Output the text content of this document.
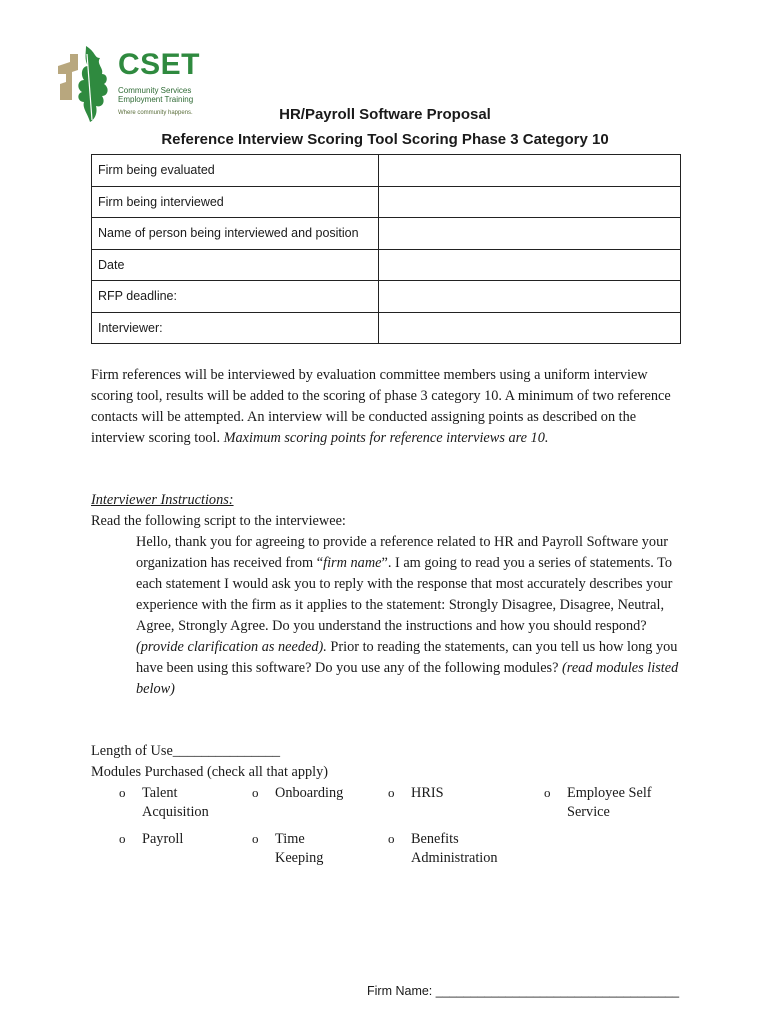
CSET
Community Services
Employment Training
Where community happens.	HR/Payroll Software Proposal
Reference Interview Scoring Tool Scoring Phase 3 Category 10
Firm being evaluated	
Firm being interviewed	
Name of person being interviewed and position	
Date	
RFP deadline:	
Interviewer:	
Firm references will be interviewed by evaluation committee members using a uniform interview scoring tool, results will be added to the scoring of phase 3 category 10. A minimum of two reference contacts will be attempted. An interview will be conducted assigning points as described on the interview scoring tool. Maximum scoring points for reference interviews are 10.
Interviewer Instructions:
Read the following script to the interviewee:
Hello, thank you for agreeing to provide a reference related to HR and Payroll Software your organization has received from “firm name”. I am going to read you a series of statements. To each statement I would ask you to reply with the response that most accurately describes your experience with the firm as it applies to the statement: Strongly Disagree, Disagree, Neutral, Agree, Strongly Agree. Do you understand the instructions and how you should respond? (provide clarification as needed). Prior to reading the statements, can you tell us how long you have been using this software? Do you use any of the following modules? (read modules listed below)
Length of Use_______________
Modules Purchased (check all that apply)
o Talent Acquisition
o Onboarding	o HRIS	o Employee Self Service
o Payroll	o Time Keeping
o Benefits Administration
Firm Name: ___________________________________
